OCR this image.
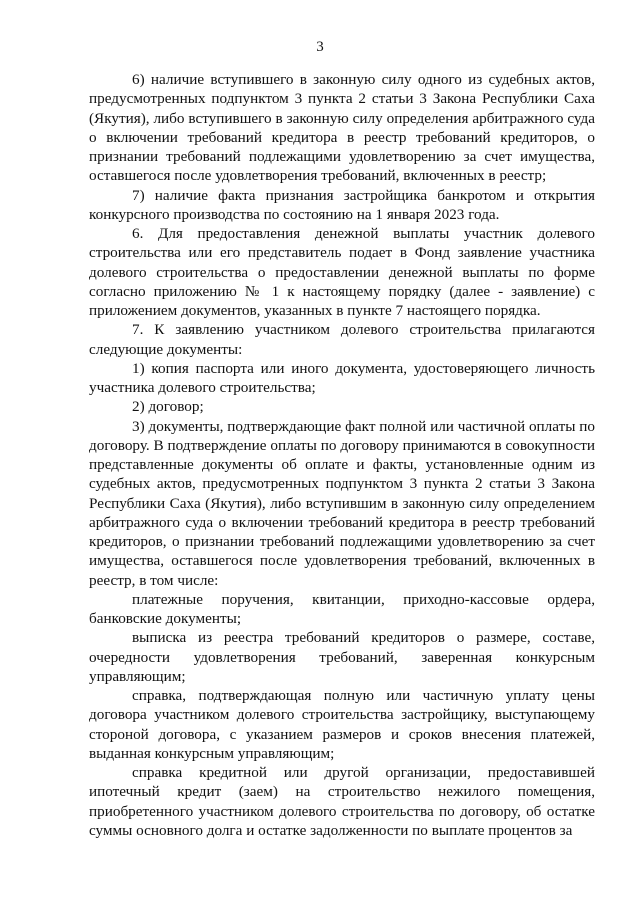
3

6) наличие вступившего в законную силу одного из судебных актов, предусмотренных подпунктом 3 пункта 2 статьи 3 Закона Республики Саха (Якутия), либо вступившего в законную силу определения арбитражного суда о включении требований кредитора в реестр требований кредиторов, о признании требований подлежащими удовлетворению за счет имущества, оставшегося после удовлетворения требований, включенных в реестр;

7) наличие факта признания застройщика банкротом и открытия конкурсного производства по состоянию на 1 января 2023 года.

6. Для предоставления денежной выплаты участник долевого строительства или его представитель подает в Фонд заявление участника долевого строительства о предоставлении денежной выплаты по форме согласно приложению № 1 к настоящему порядку (далее - заявление) с приложением документов, указанных в пункте 7 настоящего порядка.

7. К заявлению участником долевого строительства прилагаются следующие документы:

1) копия паспорта или иного документа, удостоверяющего личность участника долевого строительства;

2) договор;

3) документы, подтверждающие факт полной или частичной оплаты по договору. В подтверждение оплаты по договору принимаются в совокупности представленные документы об оплате и факты, установленные одним из судебных актов, предусмотренных подпунктом 3 пункта 2 статьи 3 Закона Республики Саха (Якутия), либо вступившим в законную силу определением арбитражного суда о включении требований кредитора в реестр требований кредиторов, о признании требований подлежащими удовлетворению за счет имущества, оставшегося после удовлетворения требований, включенных в реестр, в том числе:

платежные поручения, квитанции, приходно-кассовые ордера, банковские документы;

выписка из реестра требований кредиторов о размере, составе, очередности удовлетворения требований, заверенная конкурсным управляющим;

справка, подтверждающая полную или частичную уплату цены договора участником долевого строительства застройщику, выступающему стороной договора, с указанием размеров и сроков внесения платежей, выданная конкурсным управляющим;

справка кредитной или другой организации, предоставившей ипотечный кредит (заем) на строительство нежилого помещения, приобретенного участником долевого строительства по договору, об остатке суммы основного долга и остатке задолженности по выплате процентов за
